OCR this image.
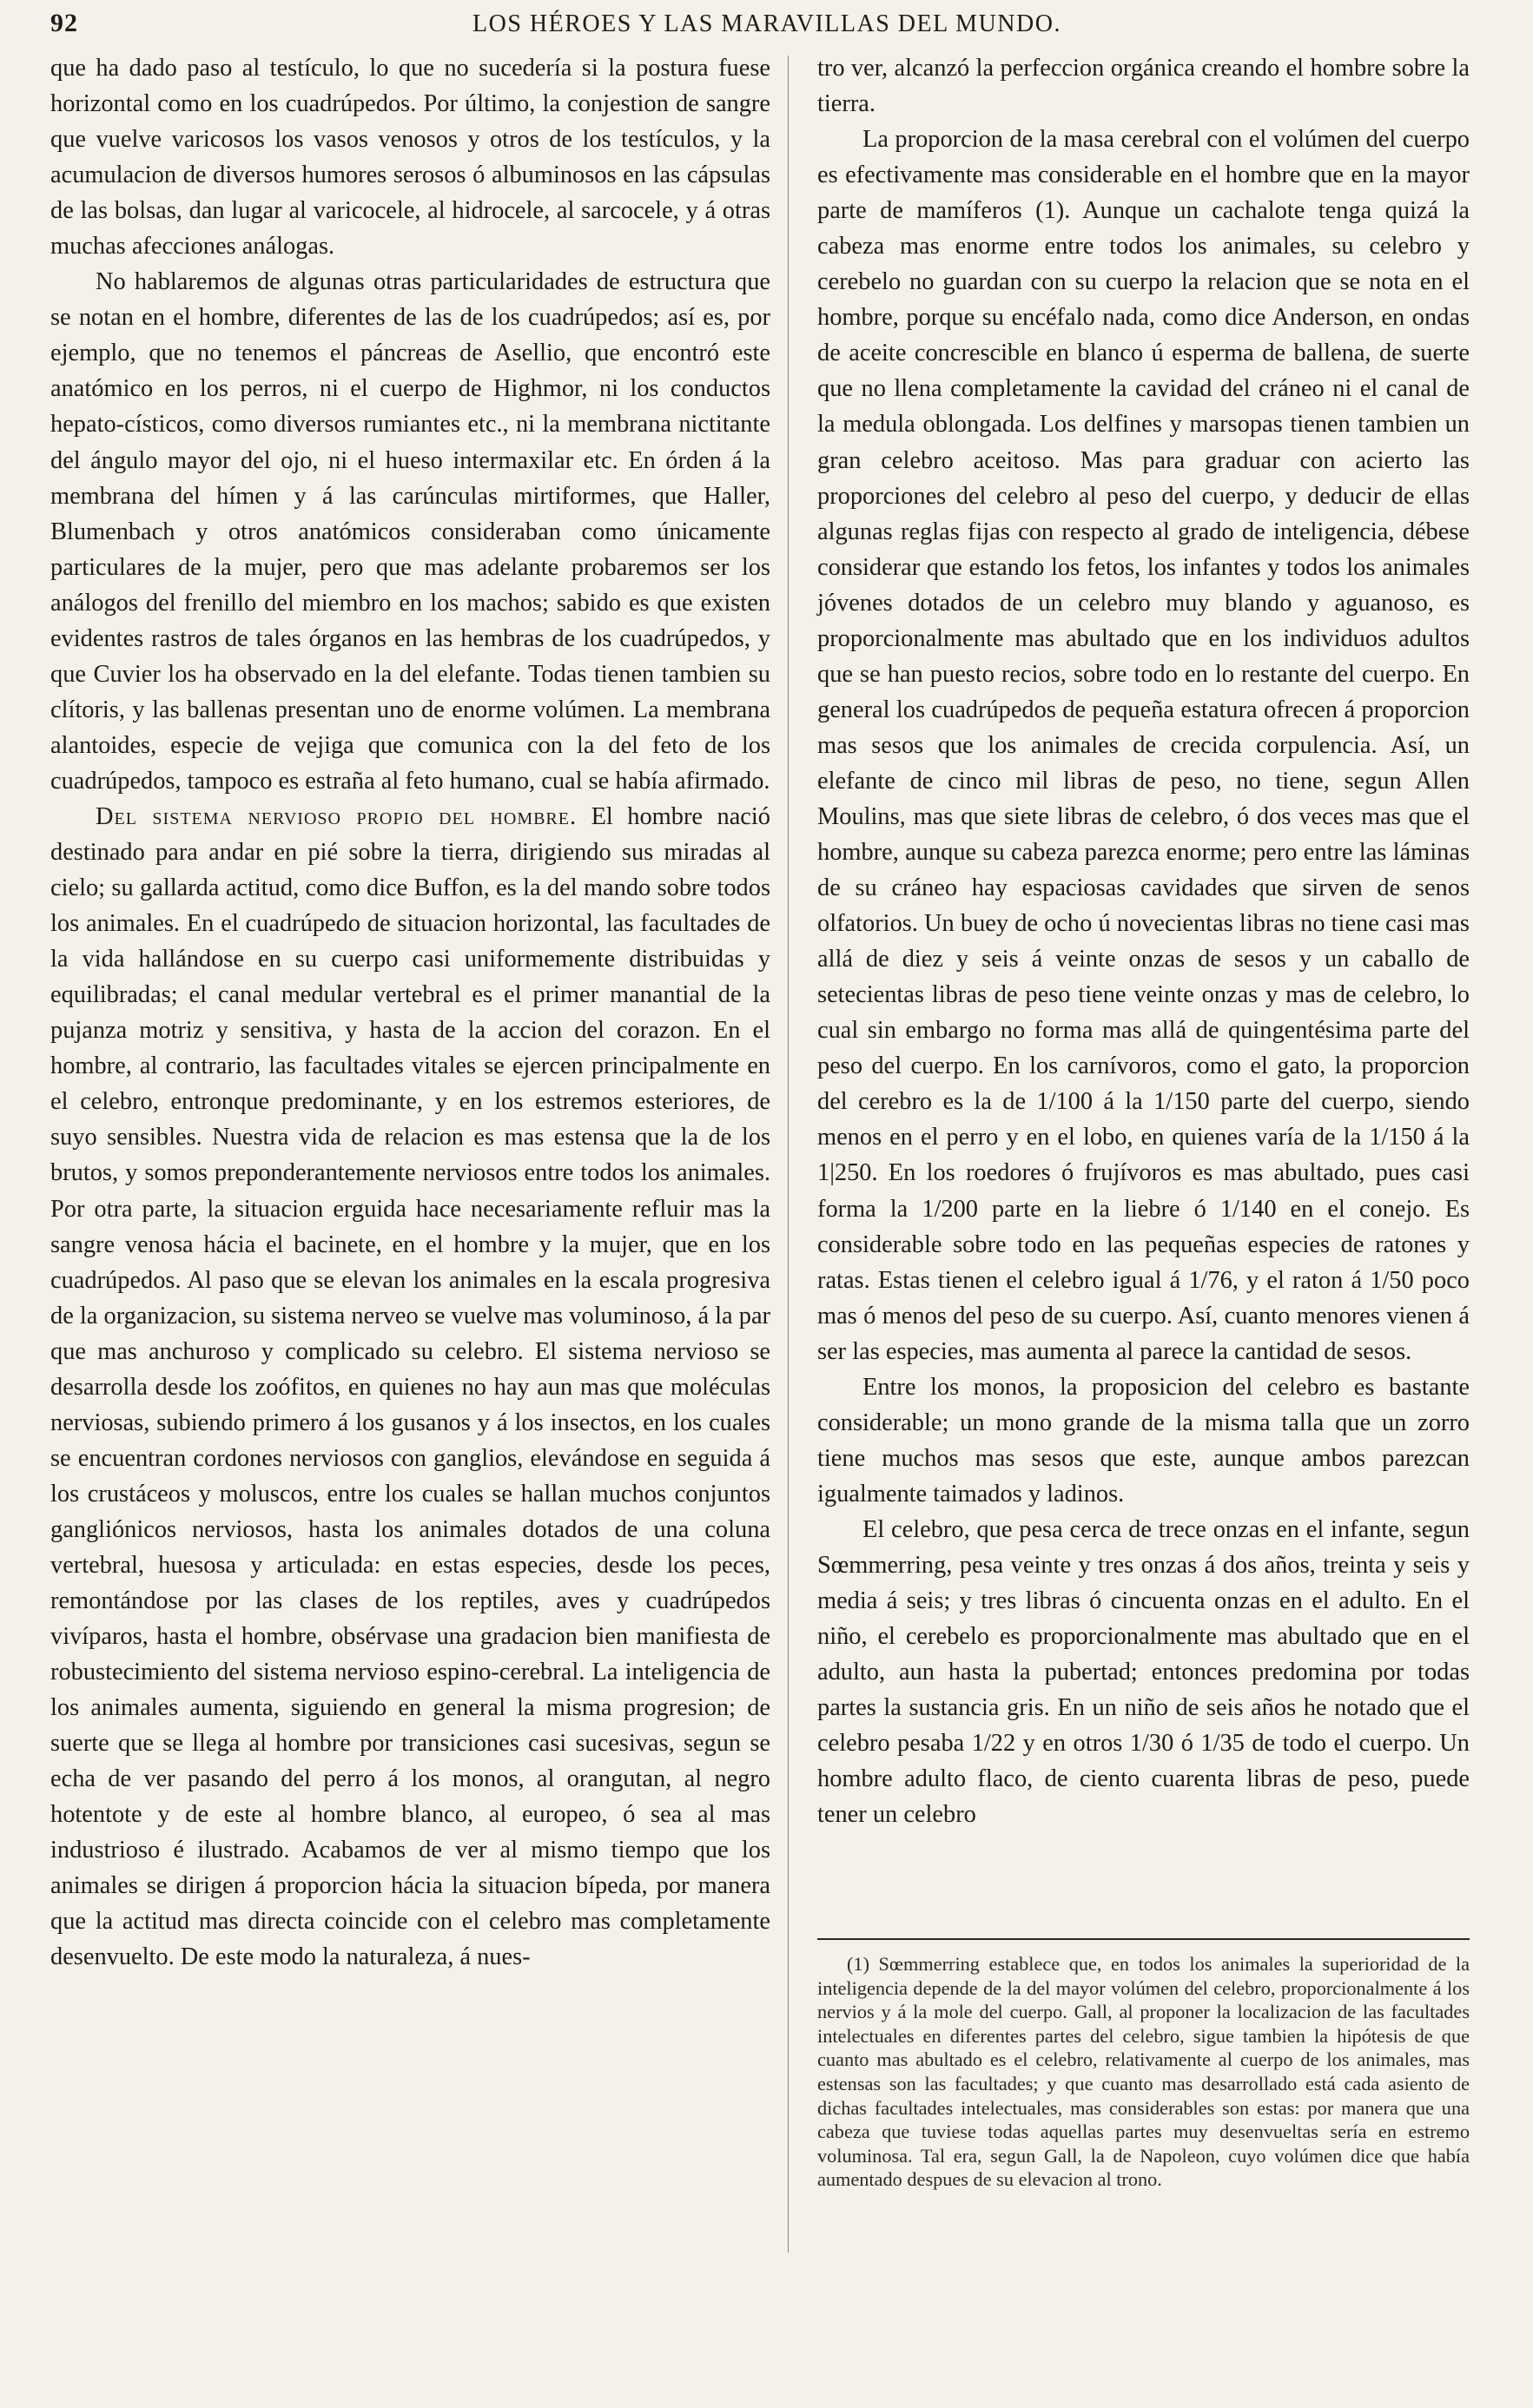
92	LOS HÉROES Y LAS MARAVILLAS DEL MUNDO.

que ha dado paso al testículo, lo que no sucedería si la postura fuese horizontal como en los cuadrúpedos. Por último, la conjestion de sangre que vuelve varicosos los vasos venosos y otros de los testículos, y la acumulacion de diversos humores serosos ó albuminosos en las cápsulas de las bolsas, dan lugar al varicocele, al hidrocele, al sarcocele, y á otras muchas afecciones análogas.

No hablaremos de algunas otras particularidades de estructura que se notan en el hombre, diferentes de las de los cuadrúpedos; así es, por ejemplo, que no tenemos el páncreas de Asellio, que encontró este anatómico en los perros, ni el cuerpo de Highmor, ni los conductos hepato-císticos, como diversos rumiantes etc., ni la membrana nictitante del ángulo mayor del ojo, ni el hueso intermaxilar etc. En órden á la membrana del hímen y á las carúnculas mirtiformes, que Haller, Blumenbach y otros anatómicos consideraban como únicamente particulares de la mujer, pero que mas adelante probaremos ser los análogos del frenillo del miembro en los machos; sabido es que existen evidentes rastros de tales órganos en las hembras de los cuadrúpedos, y que Cuvier los ha observado en la del elefante. Todas tienen tambien su clítoris, y las ballenas presentan uno de enorme volúmen. La membrana alantoides, especie de vejiga que comunica con la del feto de los cuadrúpedos, tampoco es estraña al feto humano, cual se había afirmado.

Del sistema nervioso propio del hombre. El hombre nació destinado para andar en pié sobre la tierra, dirigiendo sus miradas al cielo; su gallarda actitud, como dice Buffon, es la del mando sobre todos los animales. En el cuadrúpedo de situacion horizontal, las facultades de la vida hallándose en su cuerpo casi uniformemente distribuidas y equilibradas; el canal medular vertebral es el primer manantial de la pujanza motriz y sensitiva, y hasta de la accion del corazon. En el hombre, al contrario, las facultades vitales se ejercen principalmente en el celebro, entronque predominante, y en los estremos esteriores, de suyo sensibles. Nuestra vida de relacion es mas estensa que la de los brutos, y somos preponderantemente nerviosos entre todos los animales. Por otra parte, la situacion erguida hace necesariamente refluir mas la sangre venosa hácia el bacinete, en el hombre y la mujer, que en los cuadrúpedos. Al paso que se elevan los animales en la escala progresiva de la organizacion, su sistema nerveo se vuelve mas voluminoso, á la par que mas anchuroso y complicado su celebro. El sistema nervioso se desarrolla desde los zoófitos, en quienes no hay aun mas que moléculas nerviosas, subiendo primero á los gusanos y á los insectos, en los cuales se encuentran cordones nerviosos con ganglios, elevándose en seguida á los crustáceos y moluscos, entre los cuales se hallan muchos conjuntos gangliónicos nerviosos, hasta los animales dotados de una coluna vertebral, huesosa y articulada: en estas especies, desde los peces, remontándose por las clases de los reptiles, aves y cuadrúpedos vivíparos, hasta el hombre, obsérvase una gradacion bien manifiesta de robustecimiento del sistema nervioso espino-cerebral. La inteligencia de los animales aumenta, siguiendo en general la misma progresion; de suerte que se llega al hombre por transiciones casi sucesivas, segun se echa de ver pasando del perro á los monos, al orangutan, al negro hotentote y de este al hombre blanco, al europeo, ó sea al mas industrioso é ilustrado. Acabamos de ver al mismo tiempo que los animales se dirigen á proporcion hácia la situacion bípeda, por manera que la actitud mas directa coincide con el celebro mas completamente desenvuelto. De este modo la naturaleza, á nues-

tro ver, alcanzó la perfeccion orgánica creando el hombre sobre la tierra.

La proporcion de la masa cerebral con el volúmen del cuerpo es efectivamente mas considerable en el hombre que en la mayor parte de mamíferos (1). Aunque un cachalote tenga quizá la cabeza mas enorme entre todos los animales, su celebro y cerebelo no guardan con su cuerpo la relacion que se nota en el hombre, porque su encéfalo nada, como dice Anderson, en ondas de aceite concrescible en blanco ú esperma de ballena, de suerte que no llena completamente la cavidad del cráneo ni el canal de la medula oblongada. Los delfines y marsopas tienen tambien un gran celebro aceitoso. Mas para graduar con acierto las proporciones del celebro al peso del cuerpo, y deducir de ellas algunas reglas fijas con respecto al grado de inteligencia, débese considerar que estando los fetos, los infantes y todos los animales jóvenes dotados de un celebro muy blando y aguanoso, es proporcionalmente mas abultado que en los individuos adultos que se han puesto recios, sobre todo en lo restante del cuerpo. En general los cuadrúpedos de pequeña estatura ofrecen á proporcion mas sesos que los animales de crecida corpulencia. Así, un elefante de cinco mil libras de peso, no tiene, segun Allen Moulins, mas que siete libras de celebro, ó dos veces mas que el hombre, aunque su cabeza parezca enorme; pero entre las láminas de su cráneo hay espaciosas cavidades que sirven de senos olfatorios. Un buey de ocho ú novecientas libras no tiene casi mas allá de diez y seis á veinte onzas de sesos y un caballo de setecientas libras de peso tiene veinte onzas y mas de celebro, lo cual sin embargo no forma mas allá de quingentésima parte del peso del cuerpo. En los carnívoros, como el gato, la proporcion del cerebro es la de 1/100 á la 1/150 parte del cuerpo, siendo menos en el perro y en el lobo, en quienes varía de la 1/150 á la 1|250. En los roedores ó frujívoros es mas abultado, pues casi forma la 1/200 parte en la liebre ó 1/140 en el conejo. Es considerable sobre todo en las pequeñas especies de ratones y ratas. Estas tienen el celebro igual á 1/76, y el raton á 1/50 poco mas ó menos del peso de su cuerpo. Así, cuanto menores vienen á ser las especies, mas aumenta al parece la cantidad de sesos.

Entre los monos, la proposicion del celebro es bastante considerable; un mono grande de la misma talla que un zorro tiene muchos mas sesos que este, aunque ambos parezcan igualmente taimados y ladinos.

El celebro, que pesa cerca de trece onzas en el infante, segun Sœmmerring, pesa veinte y tres onzas á dos años, treinta y seis y media á seis; y tres libras ó cincuenta onzas en el adulto. En el niño, el cerebelo es proporcionalmente mas abultado que en el adulto, aun hasta la pubertad; entonces predomina por todas partes la sustancia gris. En un niño de seis años he notado que el celebro pesaba 1/22 y en otros 1/30 ó 1/35 de todo el cuerpo. Un hombre adulto flaco, de ciento cuarenta libras de peso, puede tener un celebro

(1) Sœmmerring establece que, en todos los animales la superioridad de la inteligencia depende de la del mayor volúmen del celebro, proporcionalmente á los nervios y á la mole del cuerpo. Gall, al proponer la localizacion de las facultades intelectuales en diferentes partes del celebro, sigue tambien la hipótesis de que cuanto mas abultado es el celebro, relativamente al cuerpo de los animales, mas estensas son las facultades; y que cuanto mas desarrollado está cada asiento de dichas facultades intelectuales, mas considerables son estas: por manera que una cabeza que tuviese todas aquellas partes muy desenvueltas sería en estremo voluminosa. Tal era, segun Gall, la de Napoleon, cuyo volúmen dice que había aumentado despues de su elevacion al trono.
